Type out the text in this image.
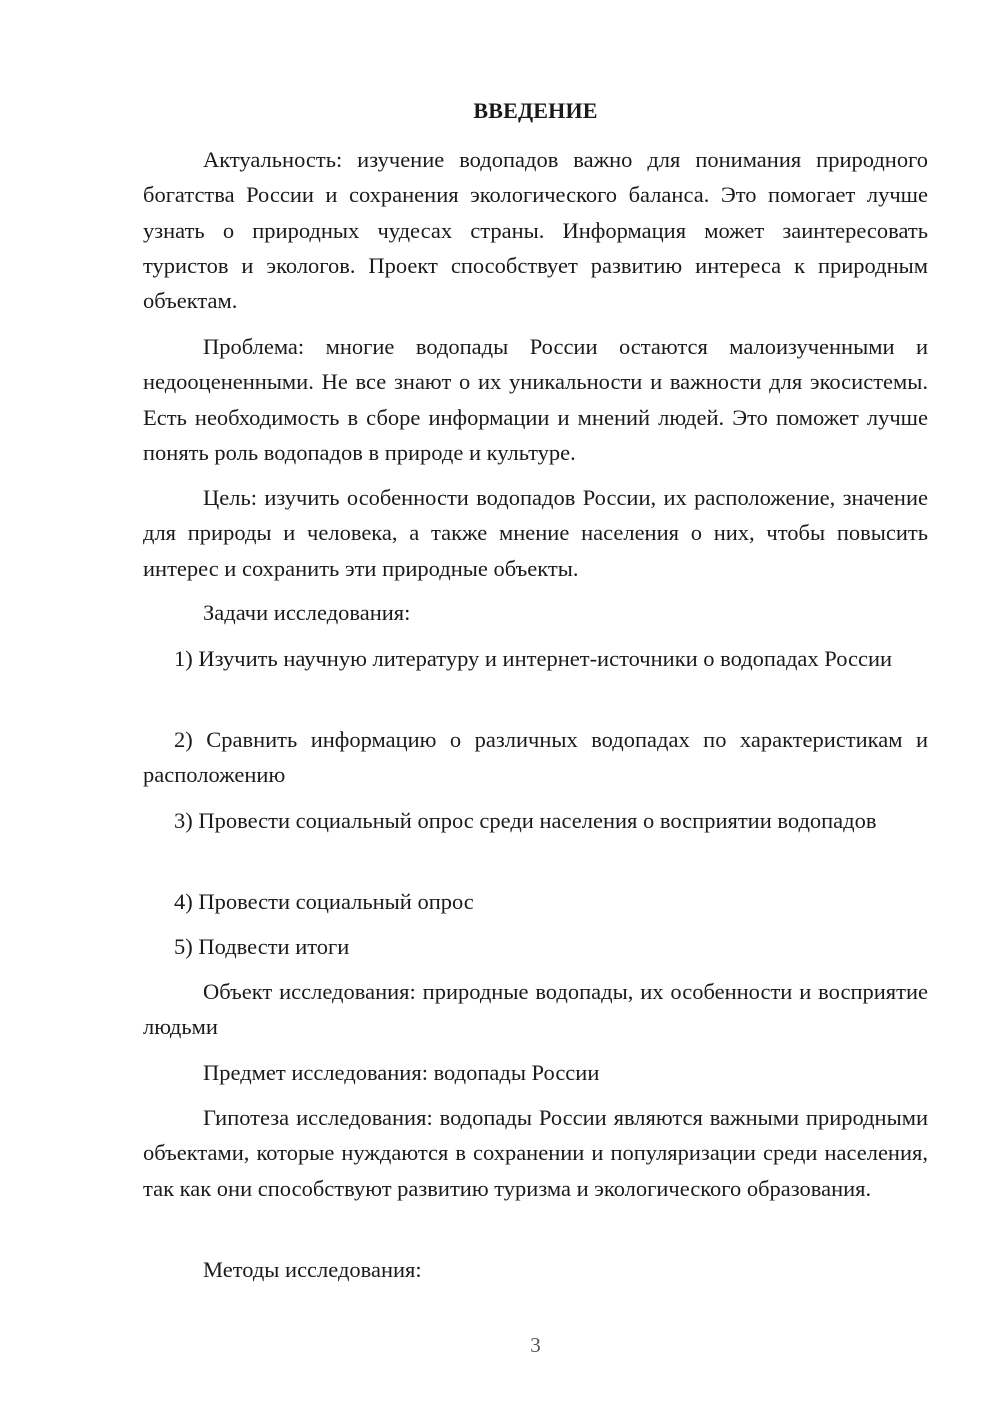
ВВЕДЕНИЕ

Актуальность: изучение водопадов важно для понимания природного богатства России и сохранения экологического баланса. Это помогает лучше узнать о природных чудесах страны. Информация может заинтересовать туристов и экологов. Проект способствует развитию интереса к природным объектам.

Проблема: многие водопады России остаются малоизученными и недооцененными. Не все знают о их уникальности и важности для экосистемы. Есть необходимость в сборе информации и мнений людей. Это поможет лучше понять роль водопадов в природе и культуре.

Цель: изучить особенности водопадов России, их расположение, значение для природы и человека, а также мнение населения о них, чтобы повысить интерес и сохранить эти природные объекты.

Задачи исследования:

1) Изучить научную литературу и интернет-источники о водопадах России

2) Сравнить информацию о различных водопадах по характеристикам и расположению

3) Провести социальный опрос среди населения о восприятии водопадов

4) Провести социальный опрос

5) Подвести итоги

Объект исследования: природные водопады, их особенности и восприятие людьми

Предмет исследования: водопады России

Гипотеза исследования: водопады России являются важными природными объектами, которые нуждаются в сохранении и популяризации среди населения, так как они способствуют развитию туризма и экологического образования.

Методы исследования:

3
